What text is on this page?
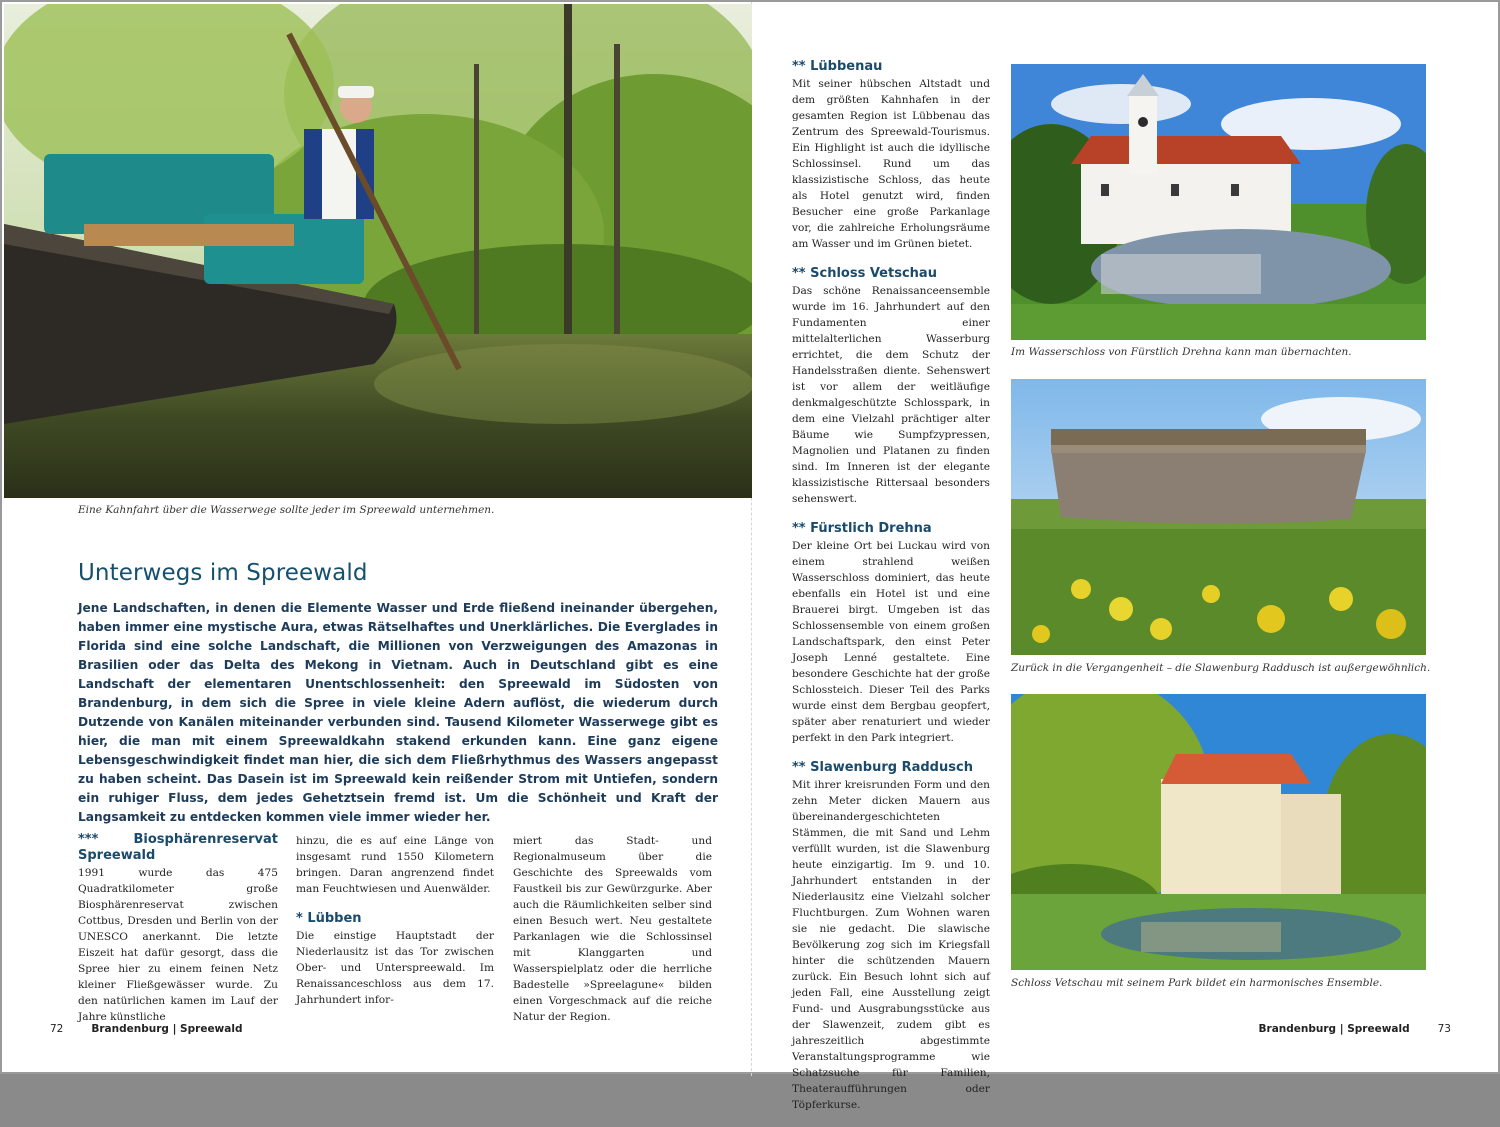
Eine Kahnfahrt über die Wasserwege sollte jeder im Spreewald unternehmen.
Unterwegs im Spreewald
Jene Landschaften, in denen die Elemente Wasser und Erde fließend ineinander übergehen, haben immer eine mystische Aura, etwas Rätselhaftes und Unerklärliches. Die Everglades in Florida sind eine solche Landschaft, die Millionen von Verzweigungen des Amazonas in Brasilien oder das Delta des Mekong in Vietnam. Auch in Deutschland gibt es eine Landschaft der elementaren Unentschlossenheit: den Spreewald im Südosten von Brandenburg, in dem sich die Spree in viele kleine Adern auflöst, die wiederum durch Dutzende von Kanälen miteinander verbunden sind. Tausend Kilometer Wasserwege gibt es hier, die man mit einem Spreewaldkahn stakend erkunden kann. Eine ganz eigene Lebensgeschwindigkeit findet man hier, die sich dem Fließrhythmus des Wassers angepasst zu haben scheint. Das Dasein ist im Spreewald kein reißender Strom mit Untiefen, sondern ein ruhiger Fluss, dem jedes Gehetztsein fremd ist. Um die Schönheit und Kraft der Langsamkeit zu entdecken kommen viele immer wieder her.
*** Biosphärenreservat Spreewald
1991 wurde das 475 Quadratkilometer große Biosphärenreservat zwischen Cottbus, Dresden und Berlin von der UNESCO anerkannt. Die letzte Eiszeit hat dafür gesorgt, dass die Spree hier zu einem feinen Netz kleiner Fließgewässer wurde. Zu den natürlichen kamen im Lauf der Jahre künstliche

hinzu, die es auf eine Länge von insgesamt rund 1550 Kilometern bringen. Daran angrenzend findet man Feuchtwiesen und Auenwälder.

* Lübben
Die einstige Hauptstadt der Niederlausitz ist das Tor zwischen Ober- und Unterspreewald. Im Renaissanceschloss aus dem 17. Jahrhundert infor-
miert das Stadt- und Regionalmuseum über die Geschichte des Spreewalds vom Faustkeil bis zur Gewürzgurke. Aber auch die Räumlichkeiten selber sind einen Besuch wert. Neu gestaltete Parkanlagen wie die Schlossinsel mit Klanggarten und Wasserspielplatz oder die herrliche Badestelle »Spreelagune« bilden einen Vorgeschmack auf die reiche Natur der Region.
** Lübbenau

Mit seiner hübschen Altstadt und dem größten Kahnhafen in der gesamten Region ist Lübbenau das Zentrum des Spreewald-Tourismus. Ein Highlight ist auch die idyllische Schlossinsel. Rund um das klassizistische Schloss, das heute als Hotel genutzt wird, finden Besucher eine große Parkanlage vor, die zahlreiche Erholungsräume am Wasser und im Grünen bietet.

** Schloss Vetschau

Das schöne Renaissanceensemble wurde im 16. Jahrhundert auf den Fundamenten einer mittelalterlichen Wasserburg errichtet, die dem Schutz der Handelsstraßen diente. Sehenswert ist vor allem der weitläufige denkmalgeschützte Schlosspark, in dem eine Vielzahl prächtiger alter Bäume wie Sumpfzypressen, Magnolien und Platanen zu finden sind. Im Inneren ist der elegante klassizistische Rittersaal besonders sehenswert.

** Fürstlich Drehna

Der kleine Ort bei Luckau wird von einem strahlend weißen Wasserschloss dominiert, das heute ebenfalls ein Hotel ist und eine Brauerei birgt. Umgeben ist das Schlossensemble von einem großen Landschaftspark, den einst Peter Joseph Lenné gestaltete. Eine besondere Geschichte hat der große Schlossteich. Dieser Teil des Parks wurde einst dem Bergbau geopfert, später aber renaturiert und wieder perfekt in den Park integriert.

** Slawenburg Raddusch

Mit ihrer kreisrunden Form und den zehn Meter dicken Mauern aus übereinandergeschichteten Stämmen, die mit Sand und Lehm verfüllt wurden, ist die Slawenburg heute einzigartig. Im 9. und 10. Jahrhundert entstanden in der Niederlausitz eine Vielzahl solcher Fluchtburgen. Zum Wohnen waren sie nie gedacht. Die slawische Bevölkerung zog sich im Kriegsfall hinter die schützenden Mauern zurück. Ein Besuch lohnt sich auf jeden Fall, eine Ausstellung zeigt Fund- und Ausgrabungsstücke aus der Slawenzeit, zudem gibt es jahreszeitlich abgestimmte Veranstaltungsprogramme wie Schatzsuche für Familien, Theateraufführungen oder Töpferkurse.

Im Wasserschloss von Fürstlich Drehna kann man übernachten.
Zurück in die Vergangenheit – die Slawenburg Raddusch ist außergewöhnlich.
Schloss Vetschau mit seinem Park bildet ein harmonisches Ensemble.
72	Brandenburg | Spreewald	Brandenburg | Spreewald	73
